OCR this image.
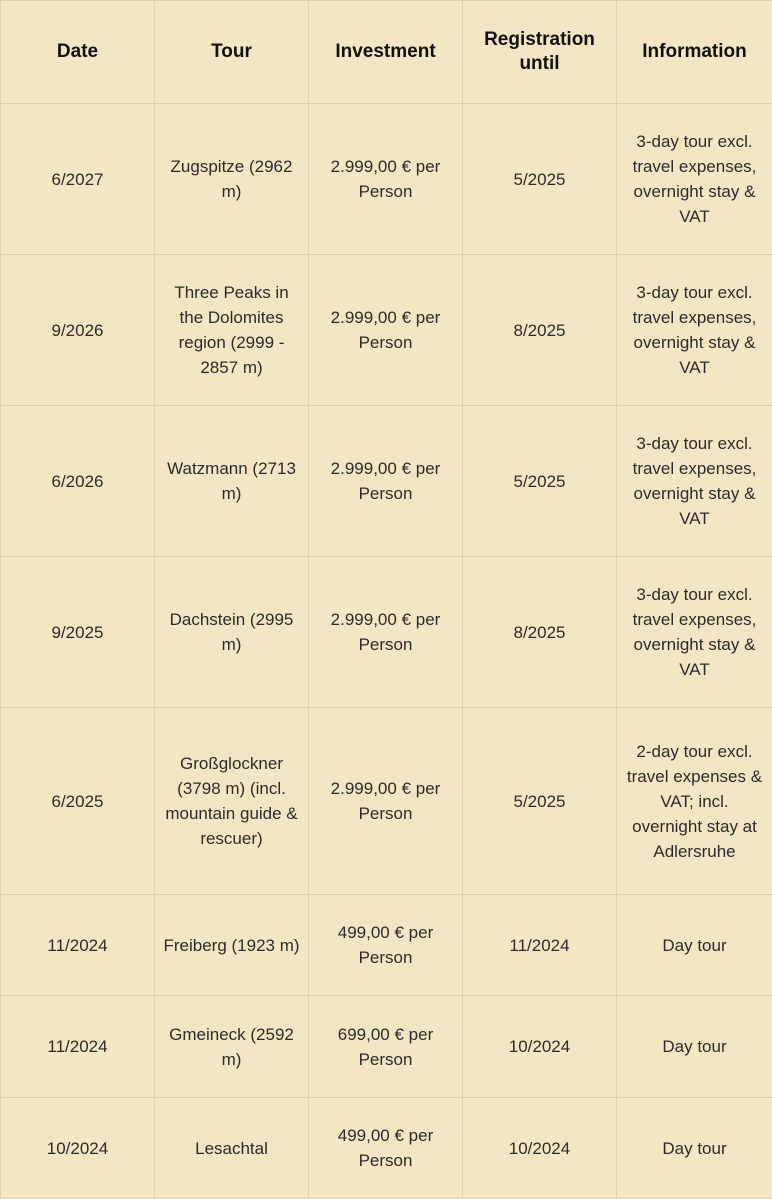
Date	Tour	Investment	Registration until	Information
6/2027	Zugspitze (2962 m)	2.999,00 € per Person	5/2025	3-day tour excl. travel expenses, overnight stay & VAT
9/2026	Three Peaks in the Dolomites region (2999 - 2857 m)	2.999,00 € per Person	8/2025	3-day tour excl. travel expenses, overnight stay & VAT
6/2026	Watzmann (2713 m)	2.999,00 € per Person	5/2025	3-day tour excl. travel expenses, overnight stay & VAT
9/2025	Dachstein (2995 m)	2.999,00 € per Person	8/2025	3-day tour excl. travel expenses, overnight stay & VAT
6/2025	Großglockner (3798 m) (incl. mountain guide & rescuer)	2.999,00 € per Person	5/2025	2-day tour excl. travel expenses & VAT; incl. overnight stay at Adlersruhe
11/2024	Freiberg (1923 m)	499,00 € per Person	11/2024	Day tour
11/2024	Gmeineck (2592 m)	699,00 € per Person	10/2024	Day tour
10/2024	Lesachtal	499,00 € per Person	10/2024	Day tour
